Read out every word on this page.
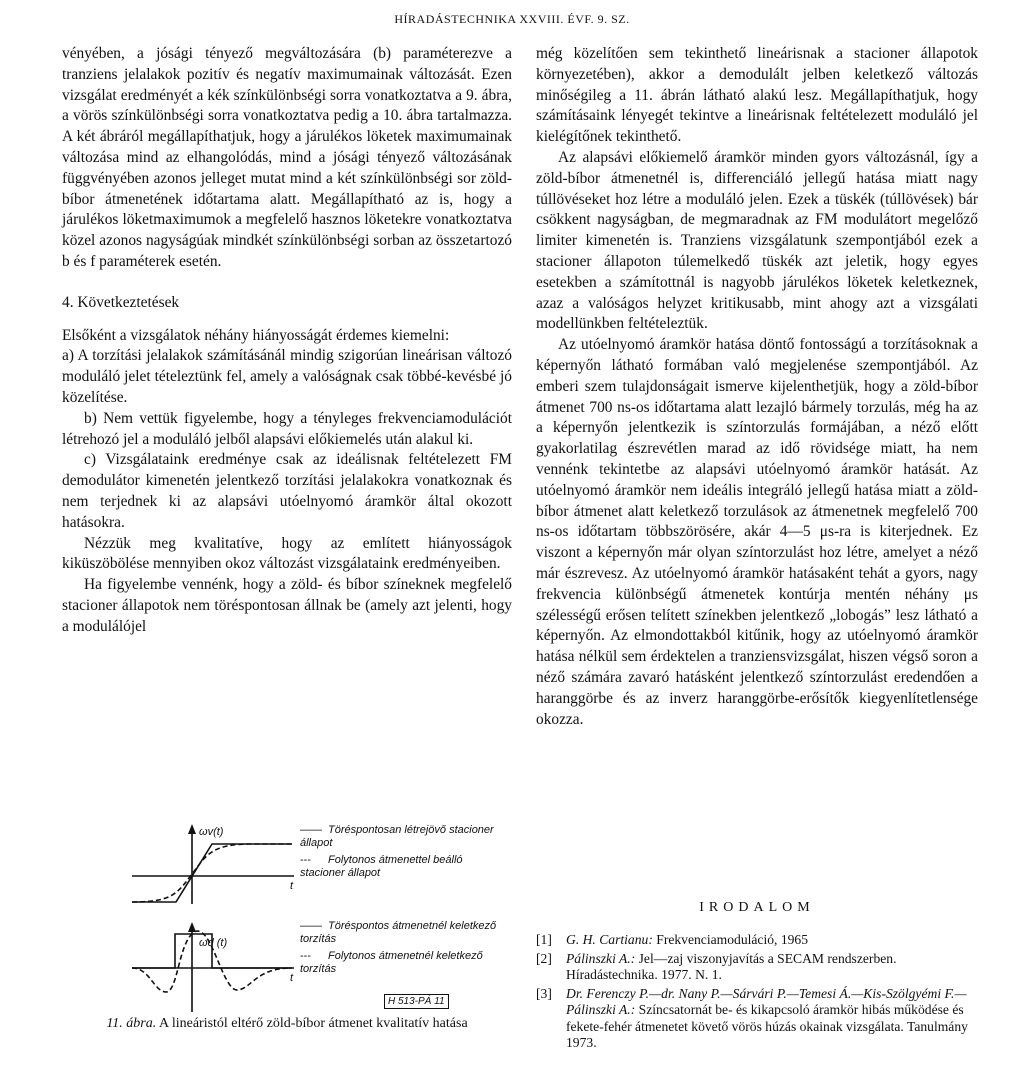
HÍRADÁSTECHNIKA XXVIII. ÉVF. 9. SZ.

vényében, a jósági tényező megváltozására (b) paraméterezve a tranziens jelalakok pozitív és negatív maximumainak változását. Ezen vizsgálat eredményét a kék színkülönbségi sorra vonatkoztatva a 9. ábra, a vörös színkülönbségi sorra vonatkoztatva pedig a 10. ábra tartalmazza. A két ábráról megállapíthatjuk, hogy a járulékos löketek maximumainak változása mind az elhangolódás, mind a jósági tényező változásának függvényében azonos jelleget mutat mind a két színkülönbségi sor zöld-bíbor átmenetének időtartama alatt. Megállapítható az is, hogy a járulékos löketmaximumok a megfelelő hasznos löketekre vonatkoztatva közel azonos nagyságúak mindkét színkülönbségi sorban az összetartozó b és f paraméterek esetén.

4. Következtetések

Elsőként a vizsgálatok néhány hiányosságát érdemes kiemelni:

a) A torzítási jelalakok számításánál mindig szigorúan lineárisan változó moduláló jelet tételeztünk fel, amely a valóságnak csak többé-kevésbé jó közelítése.

b) Nem vettük figyelembe, hogy a tényleges frekvenciamodulációt létrehozó jel a moduláló jelből alapsávi előkiemelés után alakul ki.

c) Vizsgálataink eredménye csak az ideálisnak feltételezett FM demodulátor kimenetén jelentkező torzítási jelalakokra vonatkoznak és nem terjednek ki az alapsávi utóelnyomó áramkör által okozott hatásokra.

Nézzük meg kvalitatíve, hogy az említett hiányosságok kiküszöbölése mennyiben okoz változást vizsgálataink eredményeiben.

Ha figyelembe vennénk, hogy a zöld- és bíbor színeknek megfelelő stacioner állapotok nem töréspontosan állnak be (amely azt jelenti, hogy a modulálójel

még közelítően sem tekinthető lineárisnak a stacioner állapotok környezetében), akkor a demodulált jelben keletkező változás minőségileg a 11. ábrán látható alakú lesz. Megállapíthatjuk, hogy számításaink lényegét tekintve a lineárisnak feltételezett moduláló jel kielégítőnek tekinthető.

Az alapsávi előkiemelő áramkör minden gyors változásnál, így a zöld-bíbor átmenetnél is, differenciáló jellegű hatása miatt nagy túllövéseket hoz létre a moduláló jelen. Ezek a tüskék (túllövések) bár csökkent nagyságban, de megmaradnak az FM modulátort megelőző limiter kimenetén is. Tranziens vizsgálatunk szempontjából ezek a stacioner állapoton túlemelkedő tüskék azt jeletik, hogy egyes esetekben a számítottnál is nagyobb járulékos löketek keletkeznek, azaz a valóságos helyzet kritikusabb, mint ahogy azt a vizsgálati modellünkben feltételeztük.

Az utóelnyomó áramkör hatása döntő fontosságú a torzításoknak a képernyőn látható formában való megjelenése szempontjából. Az emberi szem tulajdonságait ismerve kijelenthetjük, hogy a zöld-bíbor átmenet 700 ns-os időtartama alatt lezajló bármely torzulás, még ha az a képernyőn jelentkezik is színtorzulás formájában, a néző előtt gyakorlatilag észrevétlen marad az idő rövidsége miatt, ha nem vennénk tekintetbe az alapsávi utóelnyomó áramkör hatását. Az utóelnyomó áramkör nem ideális integráló jellegű hatása miatt a zöld-bíbor átmenet alatt keletkező torzulások az átmenetnek megfelelő 700 ns-os időtartam többszörösére, akár 4—5 μs-ra is kiterjednek. Ez viszont a képernyőn már olyan színtorzulást hoz létre, amelyet a néző már észrevesz. Az utóelnyomó áramkör hatásaként tehát a gyors, nagy frekvencia különbségű átmenetek kontúrja mentén néhány μs szélességű erősen telített színekben jelentkező „lobogás” lesz látható a képernyőn. Az elmondottakból kitűnik, hogy az utóelnyomó áramkör hatása nélkül sem érdektelen a tranziensvizsgálat, hiszen végső soron a néző számára zavaró hatásként jelentkező színtorzulást eredendően a haranggörbe és az inverz haranggörbe-erősítők kiegyenlítetlensége okozza.

ωv(t)
ωd (t)
t
t
—— Töréspontosan létrejövő stacioner állapot
--- Folytonos átmenettel beálló stacioner állapot
—— Töréspontos átmenetnél keletkező torzítás
--- Folytonos átmenetnél keletkező torzítás
H 513-PÁ 11
11. ábra. A lineáristól eltérő zöld-bíbor átmenet kvalitatív hatása
IRODALOM
[1]	G. H. Cartianu: Frekvenciamoduláció, 1965
[2]	Pálinszki A.: Jel—zaj viszonyjavítás a SECAM rendszerben. Híradástechnika. 1977. N. 1.
[3]	Dr. Ferenczy P.—dr. Nany P.—Sárvári P.—Temesi Á.—Kis-Szölgyémi F.—Pálinszki A.: Színcsatornát be- és kikapcsoló áramkör hibás működése és fekete-fehér átmenetet követő vörös húzás okainak vizsgálata. Tanulmány 1973.
